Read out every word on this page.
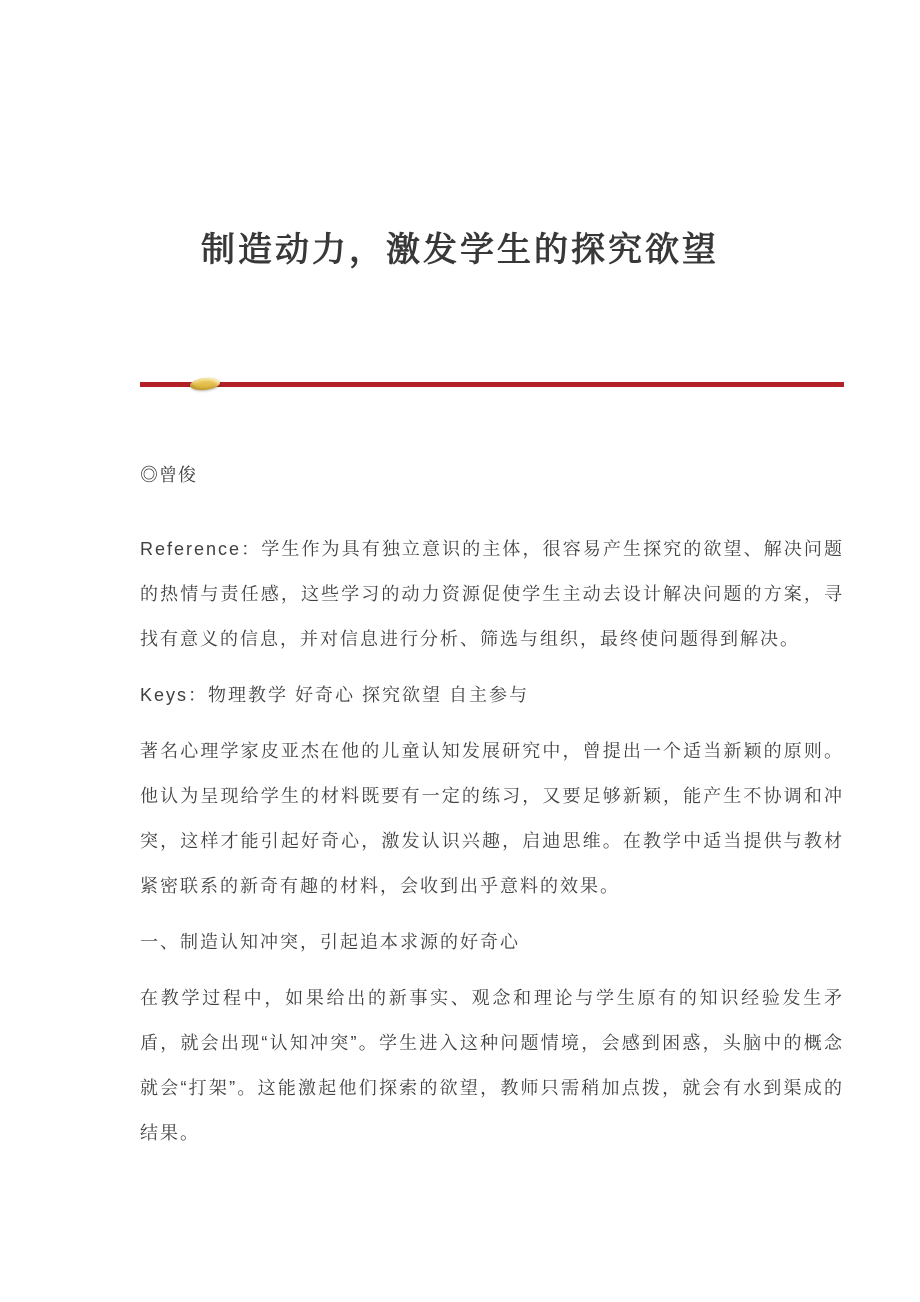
制造动力，激发学生的探究欲望

◎曾俊

Reference：学生作为具有独立意识的主体，很容易产生探究的欲望、解决问题的热情与责任感，这些学习的动力资源促使学生主动去设计解决问题的方案，寻找有意义的信息，并对信息进行分析、筛选与组织，最终使问题得到解决。

Keys：物理教学 好奇心 探究欲望 自主参与

著名心理学家皮亚杰在他的儿童认知发展研究中，曾提出一个适当新颖的原则。他认为呈现给学生的材料既要有一定的练习，又要足够新颖，能产生不协调和冲突，这样才能引起好奇心，激发认识兴趣，启迪思维。在教学中适当提供与教材紧密联系的新奇有趣的材料，会收到出乎意料的效果。

一、制造认知冲突，引起追本求源的好奇心

在教学过程中，如果给出的新事实、观念和理论与学生原有的知识经验发生矛盾，就会出现“认知冲突”。学生进入这种问题情境，会感到困惑，头脑中的概念就会“打架”。这能激起他们探索的欲望，教师只需稍加点拨，就会有水到渠成的结果。
